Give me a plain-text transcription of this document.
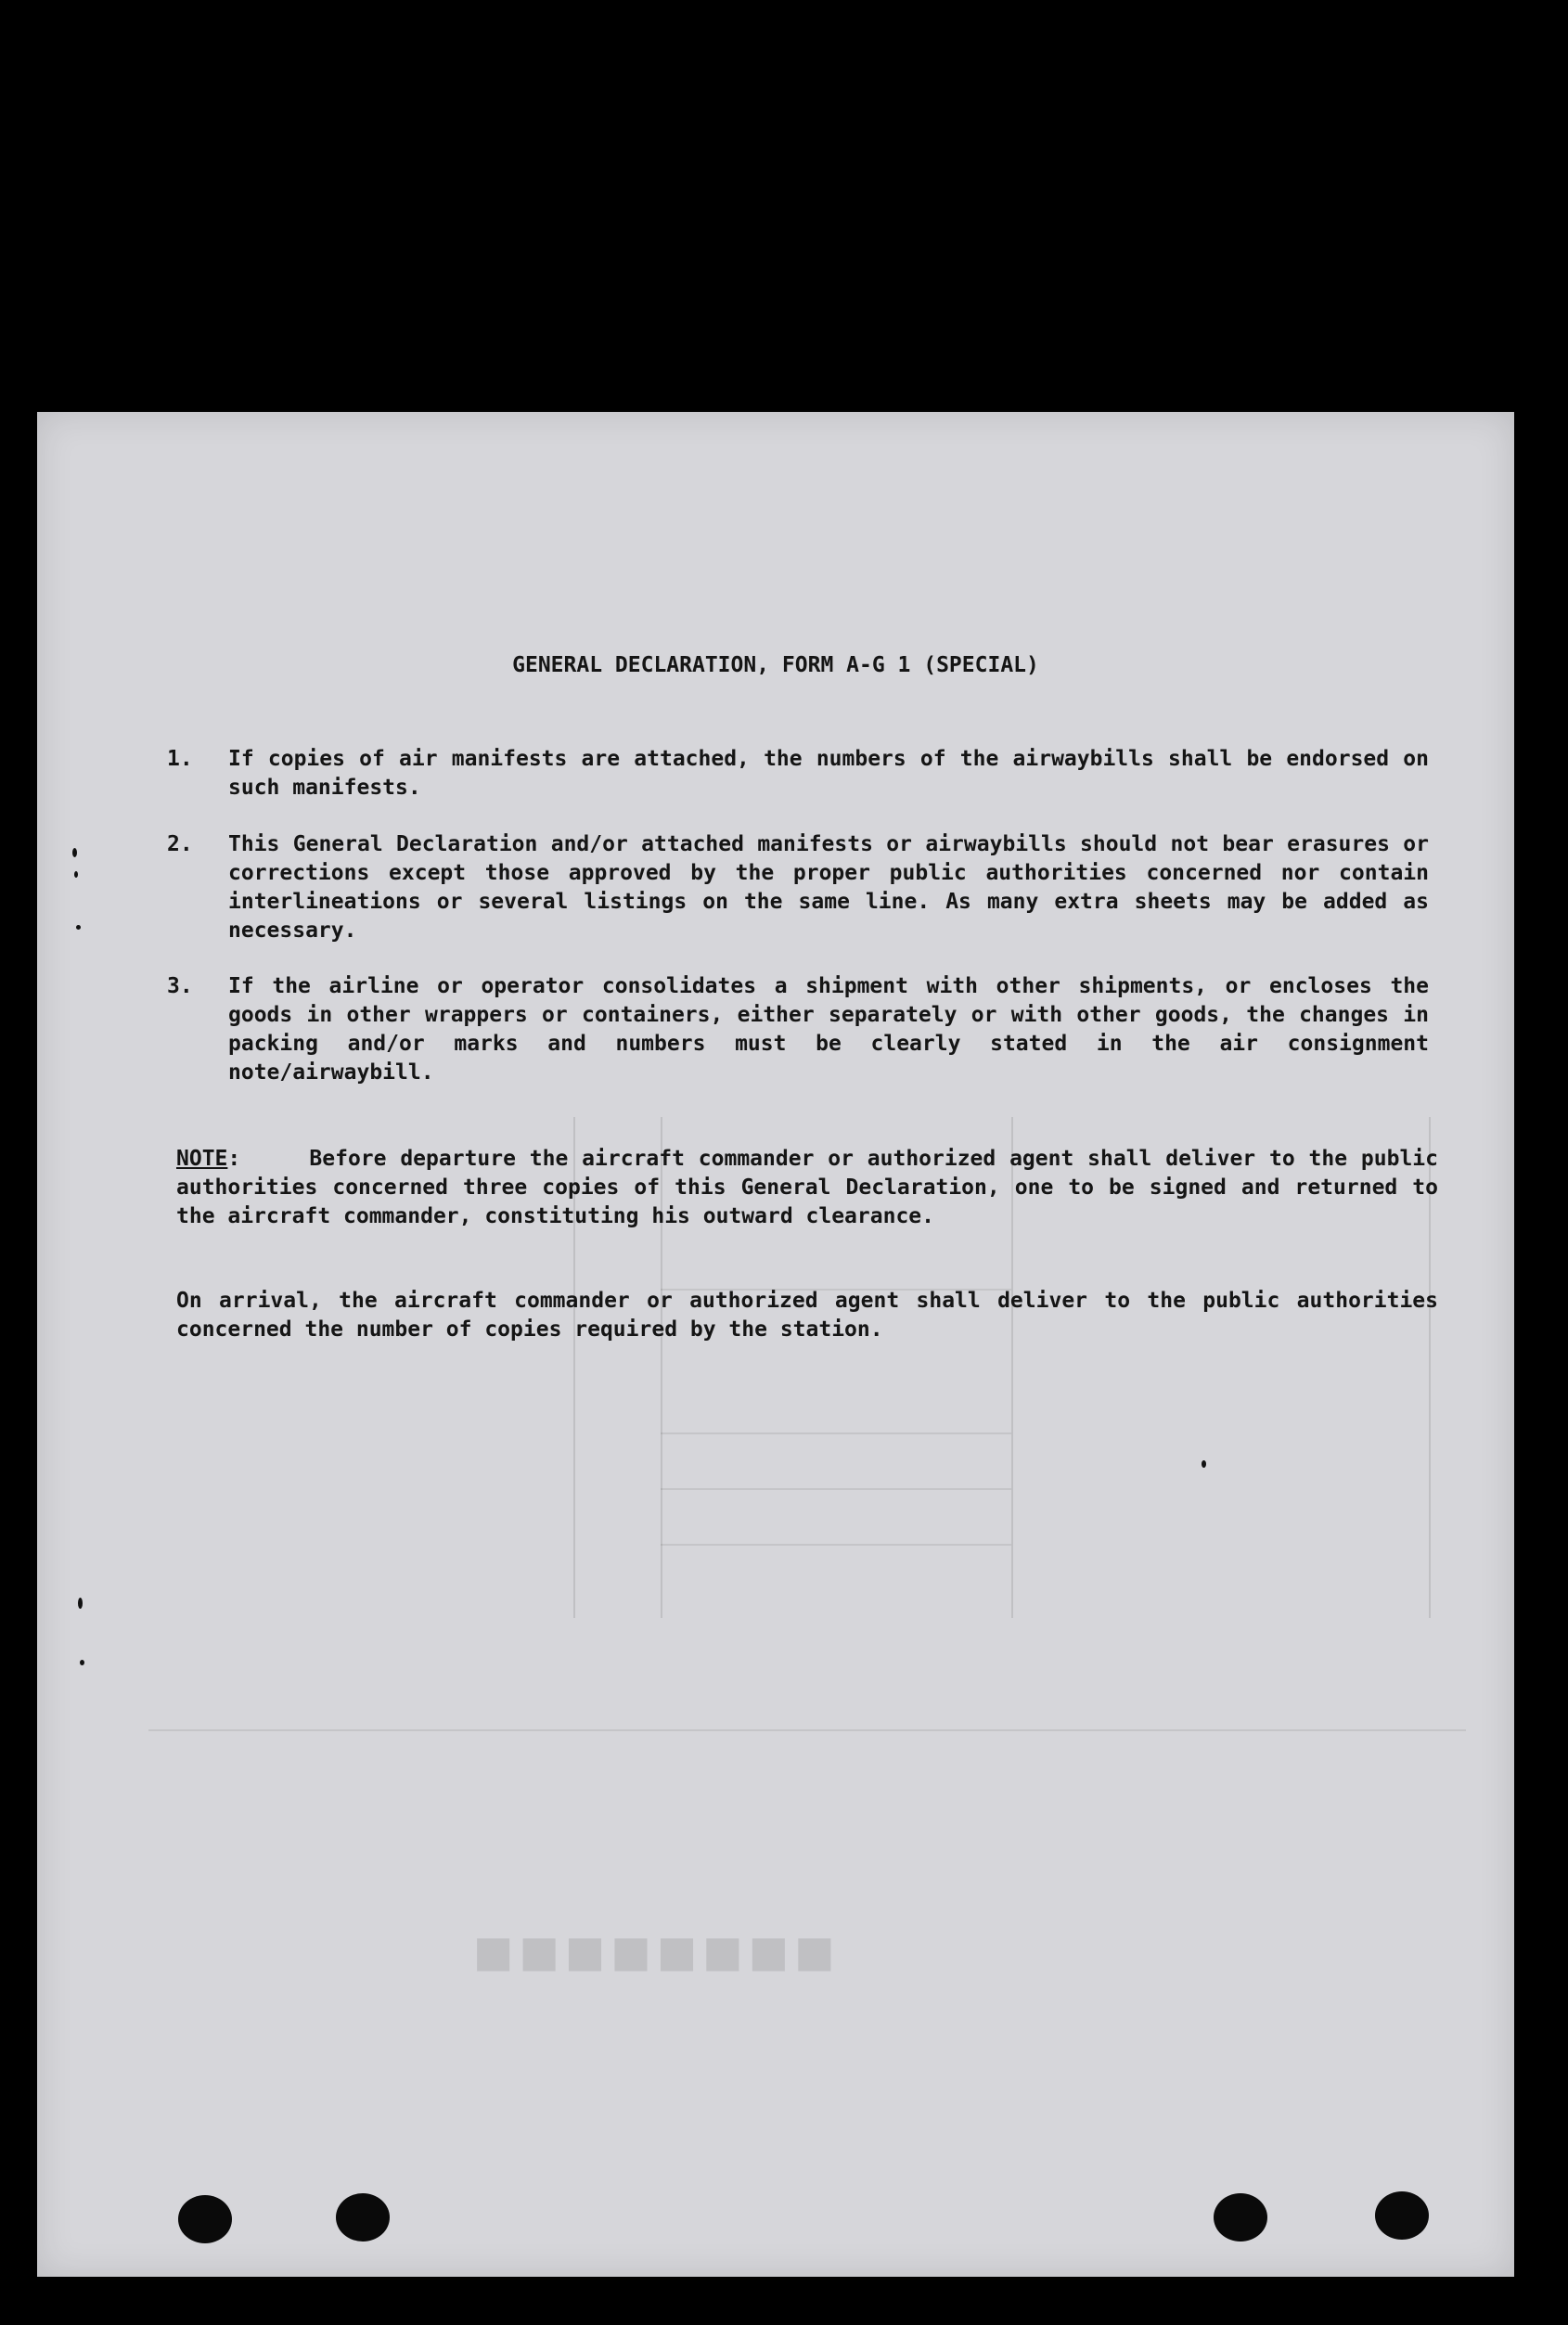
■■■■■■■■
GENERAL DECLARATION, FORM A-G 1 (SPECIAL)
1.	If copies of air manifests are attached, the numbers of the airwaybills shall be endorsed on such manifests.
2.	This General Declaration and/or attached manifests or airwaybills should not bear erasures or corrections except those approved by the proper public authorities concerned nor contain interlineations or several listings on the same line. As many extra sheets may be added as necessary.
3.	If the airline or operator consolidates a shipment with other shipments, or encloses the goods in other wrappers or containers, either separately or with other goods, the changes in packing and/or marks and numbers must be clearly stated in the air consignment note/airwaybill.
NOTE:     Before departure the aircraft commander or authorized agent shall deliver to the public authorities concerned three copies of this General Declaration, one to be signed and returned to the aircraft commander, constituting his outward clearance.
On arrival, the aircraft commander or authorized agent shall deliver to the public authorities concerned the number of copies required by the station.
